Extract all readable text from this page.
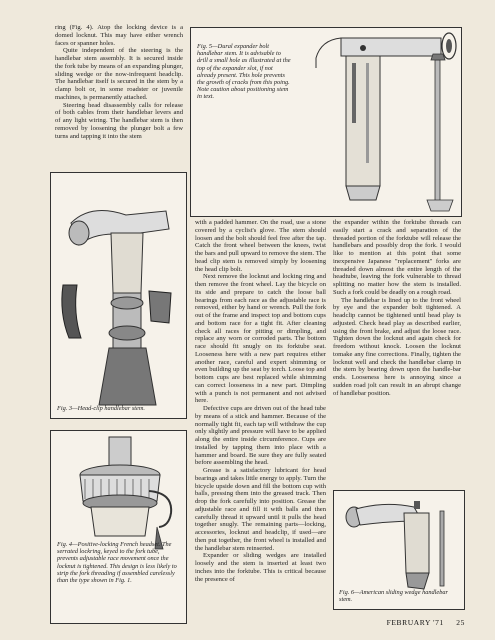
ring (Fig. 4). Atop the locking device is a domed locknut. This may have either wrench faces or spanner holes.

Quite independent of the steering is the handlebar stem assembly. It is secured inside the fork tube by means of an expanding plunger, sliding wedge or the now-infrequent headclip. The handlebar itself is secured in the stem by a clamp bolt or, in some roadster or juvenile machines, is permanently attached.

Steering head disassembly calls for release of both cables from their handlebar levers and of any light wiring. The handlebar stem is then removed by loosening the plunger bolt a few turns and tapping it into the stem

Fig. 5—Dural expander bolt handlebar stem. It is advisable to drill a small hole as illustrated at the top of the expander slot, if not already present. This hole prevents the growth of cracks from this poing. Note caution about positioning stem in text.
Fig. 3—Head-clip handlebar stem.

with a padded hammer. On the road, use a stone covered by a cyclist's glove. The stem should loosen and the bolt should feel free after the tap. Catch the front wheel between the knees, twist the bars and pull upward to remove the stem. The head clip stem is removed simply by loosening the head clip bolt.

Next remove the locknut and locking ring and then remove the front wheel. Lay the bicycle on its side and prepare to catch the loose ball bearings from each race as the adjustable race is removed, either by hand or wrench. Pull the fork out of the frame and inspect top and bottom cups and bottom race for a tight fit. After cleaning check all races for pitting or dimpling, and replace any worn or corroded parts. The bottom race should fit snugly on its forktube seat. Looseness here with a new part requires either another race, careful and expert shimming or even building up the seat by torch. Loose top and bottom cups are best replaced while shimming can correct looseness in a new part. Dimpling with a punch is not permanent and not advised here.

Defective cups are driven out of the head tube by means of a stick and hammer. Because of the normally tight fit, each tap will withdraw the cup only slightly and pressure will have to be applied along the entire inside circumference. Cups are installed by tapping them into place with a hammer and board. Be sure they are fully seated before assembling the head.

Grease is a satisfactory lubricant for head bearings and takes little energy to apply. Turn the bicycle upside down and fill the bottom cup with balls, pressing them into the greased track. Then drop the fork carefully into position. Grease the adjustable race and fill it with balls and then carefully thread it upward until it pulls the head together snugly. The remaining parts—locking, accessories, locknut and headclip, if used—are then put together, the front wheel is installed and the handlebar stem reinserted.

Expander or sliding wedges are installed loosely and the stem is inserted at least two inches into the forktube. This is critical because the presence of

the expander within the forktube threads can easily start a crack and separation of the threaded portion of the forktube will release the handlebars and possibly drop the fork. I would like to mention at this point that some inexpensive Japanese "replacement" forks are threaded down almost the entire length of the headtube, leaving the fork vulnerable to thread splitting no matter how the stem is installed. Such a fork could be deadly on a rough road.

The handlebar is lined up to the front wheel by eye and the expander bolt tightened. A headclip cannot be tightened until head play is adjusted. Check head play as described earlier, using the front brake, and adjust the loose race. Tighten down the locknut and again check for freedom without knock. Loosen the locknut tomake any fine corrections. Finally, tighten the locknut well and check the handlebar clamp in the stem by bearing down upon the handle-bar ends. Looseness here is annoying since a sudden road jolt can result in an abrupt change of handlebar position.

Fig. 4—Positive-locking French headset. The serrated lockring, keyed to the fork tube, prevents adjustable race movement once the locknut is tightened. This design is less likely to strip the fork threading if assembled carelessly than the type shown in Fig. 1.
Fig. 6—American sliding wedge handlebar stem.
FEBRUARY '71 25
